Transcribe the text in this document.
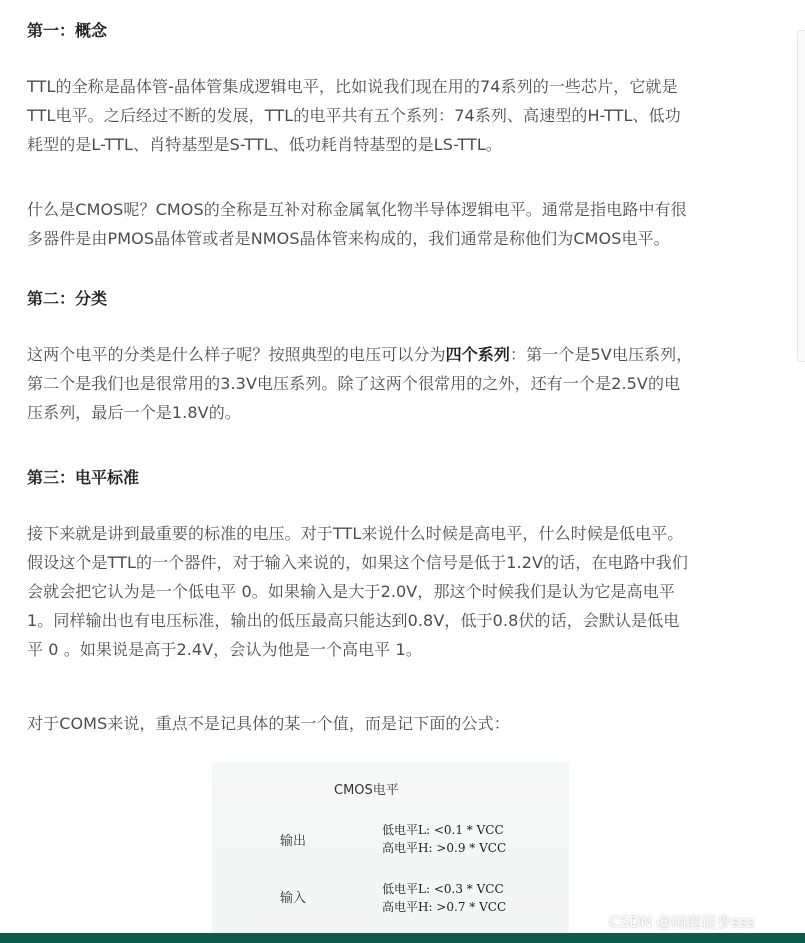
第一：概念
TTL的全称是晶体管-晶体管集成逻辑电平，比如说我们现在用的74系列的一些芯片，它就是
TTL电平。之后经过不断的发展，TTL的电平共有五个系列：74系列、高速型的H-TTL、低功
耗型的是L-TTL、肖特基型是S-TTL、低功耗肖特基型的是LS-TTL。
什么是CMOS呢？CMOS的全称是互补对称金属氧化物半导体逻辑电平。通常是指电路中有很
多器件是由PMOS晶体管或者是NMOS晶体管来构成的，我们通常是称他们为CMOS电平。
第二：分类
这两个电平的分类是什么样子呢？按照典型的电压可以分为四个系列：第一个是5V电压系列，
第二个是我们也是很常用的3.3V电压系列。除了这两个很常用的之外，还有一个是2.5V的电
压系列，最后一个是1.8V的。
第三：电平标准
接下来就是讲到最重要的标准的电压。对于TTL来说什么时候是高电平，什么时候是低电平。
假设这个是TTL的一个器件，对于输入来说的，如果这个信号是低于1.2V的话，在电路中我们
会就会把它认为是一个低电平 0。如果输入是大于2.0V，那这个时候我们是认为它是高电平
1。同样输出也有电压标准，输出的低压最高只能达到0.8V，低于0.8伏的话，会默认是低电
平 0 。如果说是高于2.4V，会认为他是一个高电平 1。
对于COMS来说，重点不是记具体的某一个值，而是记下面的公式：
CMOS电平
输出
低电平L: <0.1 * VCC
高电平H: >0.9 * VCC
输入
低电平L: <0.3 * VCC
高电平H: >0.7 * VCC
CSDN @闲庭信步sss
